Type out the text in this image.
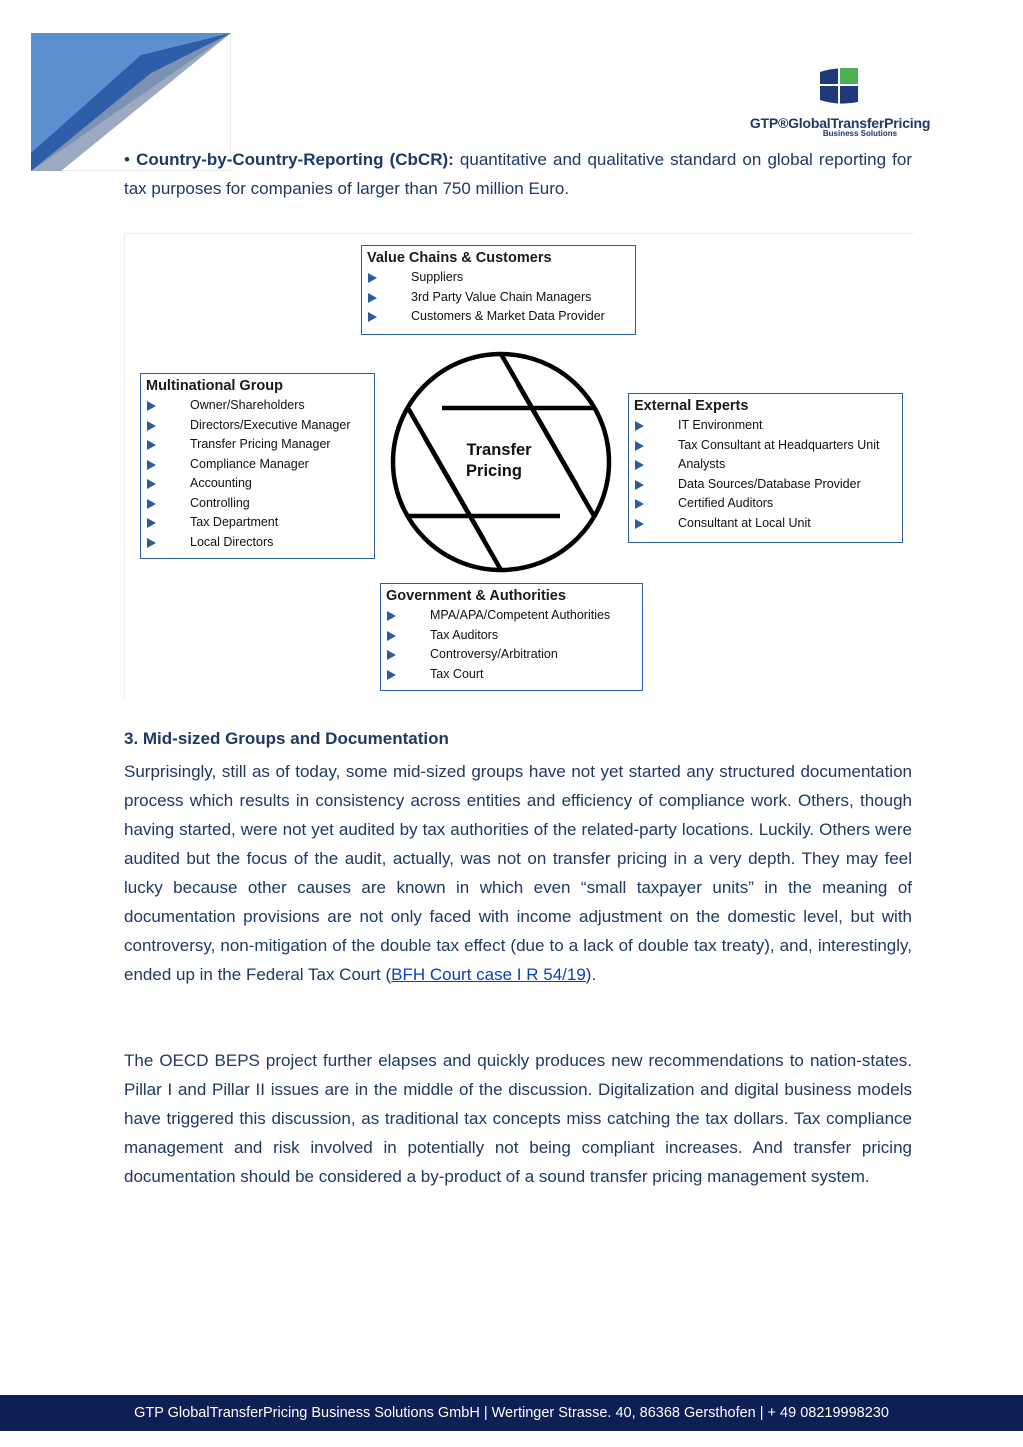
GTP®GlobalTransferPricing
Business Solutions
• Country-by-Country-Reporting (CbCR): quantitative and qualitative standard on global reporting for tax purposes for companies of larger than 750 million Euro.
Value Chains & Customers
Suppliers
3rd Party Value Chain Managers
Customers & Market Data Provider
Multinational Group
Owner/Shareholders
Directors/Executive Manager
Transfer Pricing Manager
Compliance Manager
Accounting
Controlling
Tax Department
Local Directors
Transfer
Pricing
External Experts
IT Environment
Tax Consultant at Headquarters Unit
Analysts
Data Sources/Database Provider
Certified Auditors
Consultant at Local Unit
Government & Authorities
MPA/APA/Competent Authorities
Tax Auditors
Controversy/Arbitration
Tax Court
3. Mid-sized Groups and Documentation
Surprisingly, still as of today, some mid-sized groups have not yet started any structured documentation process which results in consistency across entities and efficiency of compliance work. Others, though having started, were not yet audited by tax authorities of the related-party locations. Luckily. Others were audited but the focus of the audit, actually, was not on transfer pricing in a very depth. They may feel lucky because other causes are known in which even “small taxpayer units” in the meaning of documentation provisions are not only faced with income adjustment on the domestic level, but with controversy, non-mitigation of the double tax effect (due to a lack of double tax treaty), and, interestingly, ended up in the Federal Tax Court (BFH Court case I R 54/19).
The OECD BEPS project further elapses and quickly produces new recommendations to nation-states. Pillar I and Pillar II issues are in the middle of the discussion. Digitalization and digital business models have triggered this discussion, as traditional tax concepts miss catching the tax dollars. Tax compliance management and risk involved in potentially not being compliant increases. And transfer pricing documentation should be considered a by-product of a sound transfer pricing management system.
GTP GlobalTransferPricing Business Solutions GmbH | Wertinger Strasse. 40, 86368 Gersthofen | + 49 08219998230
